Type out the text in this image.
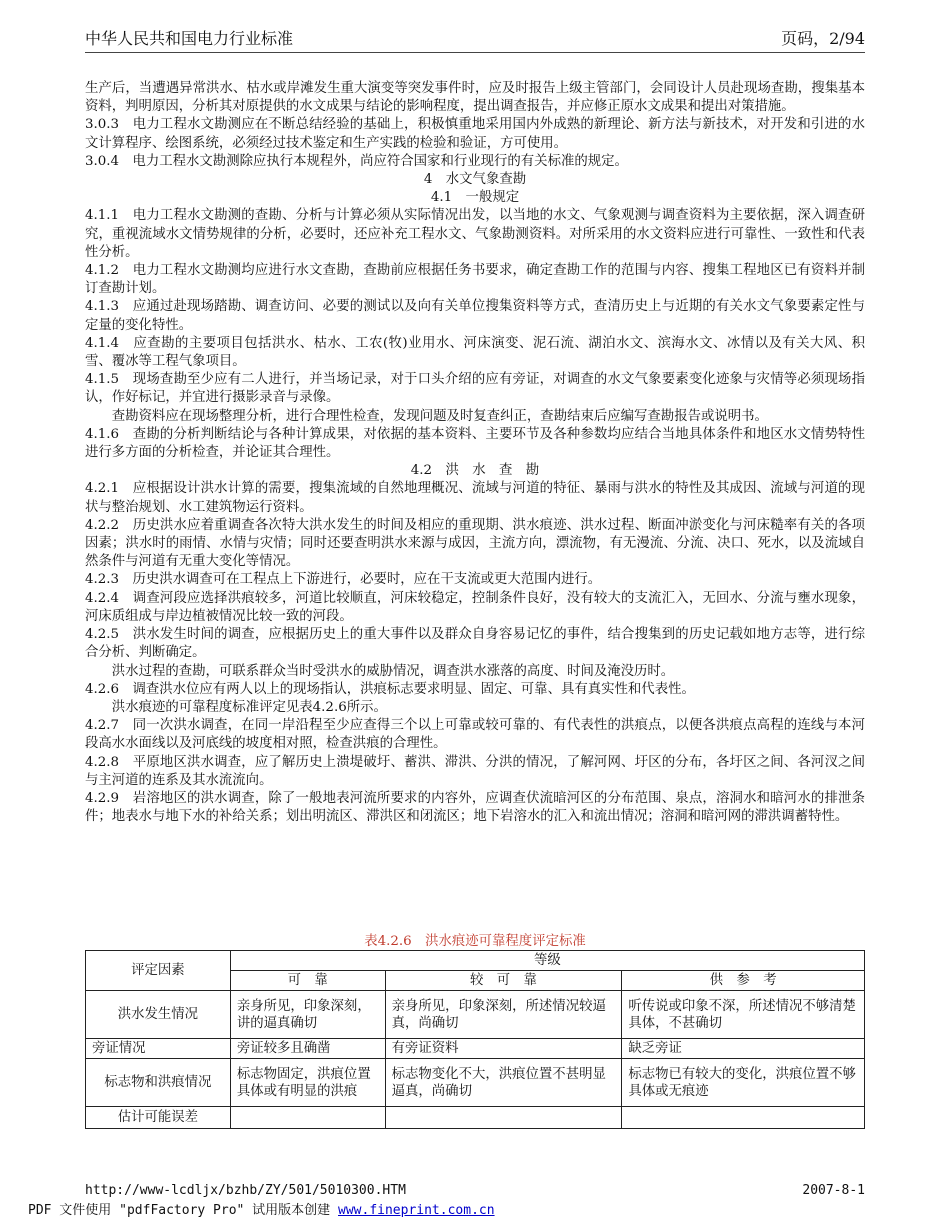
中华人民共和国电力行业标准	页码，2/94

生产后，当遭遇异常洪水、枯水或岸滩发生重大演变等突发事件时，应及时报告上级主管部门，会同设计人员赴现场查勘，搜集基本资料，判明原因，分析其对原提供的水文成果与结论的影响程度，提出调查报告，并应修正原水文成果和提出对策措施。

3.0.3　电力工程水文勘测应在不断总结经验的基础上，积极慎重地采用国内外成熟的新理论、新方法与新技术，对开发和引进的水文计算程序、绘图系统，必须经过技术鉴定和生产实践的检验和验证，方可使用。

3.0.4　电力工程水文勘测除应执行本规程外，尚应符合国家和行业现行的有关标准的规定。

4　水文气象查勘

4.1　一般规定

4.1.1　电力工程水文勘测的查勘、分析与计算必须从实际情况出发，以当地的水文、气象观测与调查资料为主要依据，深入调查研究，重视流域水文情势规律的分析，必要时，还应补充工程水文、气象勘测资料。对所采用的水文资料应进行可靠性、一致性和代表性分析。

4.1.2　电力工程水文勘测均应进行水文查勘，查勘前应根据任务书要求，确定查勘工作的范围与内容、搜集工程地区已有资料并制订查勘计划。

4.1.3　应通过赴现场踏勘、调查访问、必要的测试以及向有关单位搜集资料等方式，查清历史上与近期的有关水文气象要素定性与定量的变化特性。

4.1.4　应查勘的主要项目包括洪水、枯水、工农(牧)业用水、河床演变、泥石流、湖泊水文、滨海水文、冰情以及有关大风、积雪、覆冰等工程气象项目。

4.1.5　现场查勘至少应有二人进行，并当场记录，对于口头介绍的应有旁证，对调查的水文气象要素变化迹象与灾情等必须现场指认，作好标记，并宜进行摄影录音与录像。

查勘资料应在现场整理分析，进行合理性检查，发现问题及时复查纠正，查勘结束后应编写查勘报告或说明书。

4.1.6　查勘的分析判断结论与各种计算成果，对依据的基本资料、主要环节及各种参数均应结合当地具体条件和地区水文情势特性进行多方面的分析检查，并论证其合理性。

4.2　洪　水　查　勘

4.2.1　应根据设计洪水计算的需要，搜集流域的自然地理概况、流域与河道的特征、暴雨与洪水的特性及其成因、流域与河道的现状与整治规划、水工建筑物运行资料。

4.2.2　历史洪水应着重调查各次特大洪水发生的时间及相应的重现期、洪水痕迹、洪水过程、断面冲淤变化与河床糙率有关的各项因素；洪水时的雨情、水情与灾情；同时还要查明洪水来源与成因，主流方向，漂流物，有无漫流、分流、决口、死水，以及流域自然条件与河道有无重大变化等情况。

4.2.3　历史洪水调查可在工程点上下游进行，必要时，应在干支流或更大范围内进行。

4.2.4　调查河段应选择洪痕较多，河道比较顺直，河床较稳定，控制条件良好，没有较大的支流汇入，无回水、分流与壅水现象，河床质组成与岸边植被情况比较一致的河段。

4.2.5　洪水发生时间的调查，应根据历史上的重大事件以及群众自身容易记忆的事件，结合搜集到的历史记载如地方志等，进行综合分析、判断确定。

洪水过程的查勘，可联系群众当时受洪水的威胁情况，调查洪水涨落的高度、时间及淹没历时。

4.2.6　调查洪水位应有两人以上的现场指认，洪痕标志要求明显、固定、可靠、具有真实性和代表性。

洪水痕迹的可靠程度标准评定见表4.2.6所示。

4.2.7　同一次洪水调查，在同一岸沿程至少应查得三个以上可靠或较可靠的、有代表性的洪痕点，以便各洪痕点高程的连线与本河段高水水面线以及河底线的坡度相对照，检查洪痕的合理性。

4.2.8　平原地区洪水调查，应了解历史上溃堤破圩、蓄洪、滞洪、分洪的情况，了解河网、圩区的分布，各圩区之间、各河汊之间与主河道的连系及其水流流向。

4.2.9　岩溶地区的洪水调查，除了一般地表河流所要求的内容外，应调查伏流暗河区的分布范围、泉点，溶洞水和暗河水的排泄条件；地表水与地下水的补给关系；划出明流区、滞洪区和闭流区；地下岩溶水的汇入和流出情况；溶洞和暗河网的滞洪调蓄特性。

表4.2.6　洪水痕迹可靠程度评定标准
评定因素	等级		
	可　靠	较　可　靠	供　参　考
洪水发生情况	亲身所见，印象深刻，讲的逼真确切	亲身所见，印象深刻，所述情况较逼真，尚确切	听传说或印象不深，所述情况不够清楚具体，不甚确切
旁证情况	旁证较多且确凿	有旁证资料	缺乏旁证
标志物和洪痕情况	标志物固定，洪痕位置具体或有明显的洪痕	标志物变化不大，洪痕位置不甚明显逼真，尚确切	标志物已有较大的变化，洪痕位置不够具体或无痕迹
估计可能误差			
http://www-lcdljx/bzhb/ZY/501/5010300.HTM	2007-8-1
PDF 文件使用 "pdfFactory Pro" 试用版本创建 www.fineprint.com.cn
